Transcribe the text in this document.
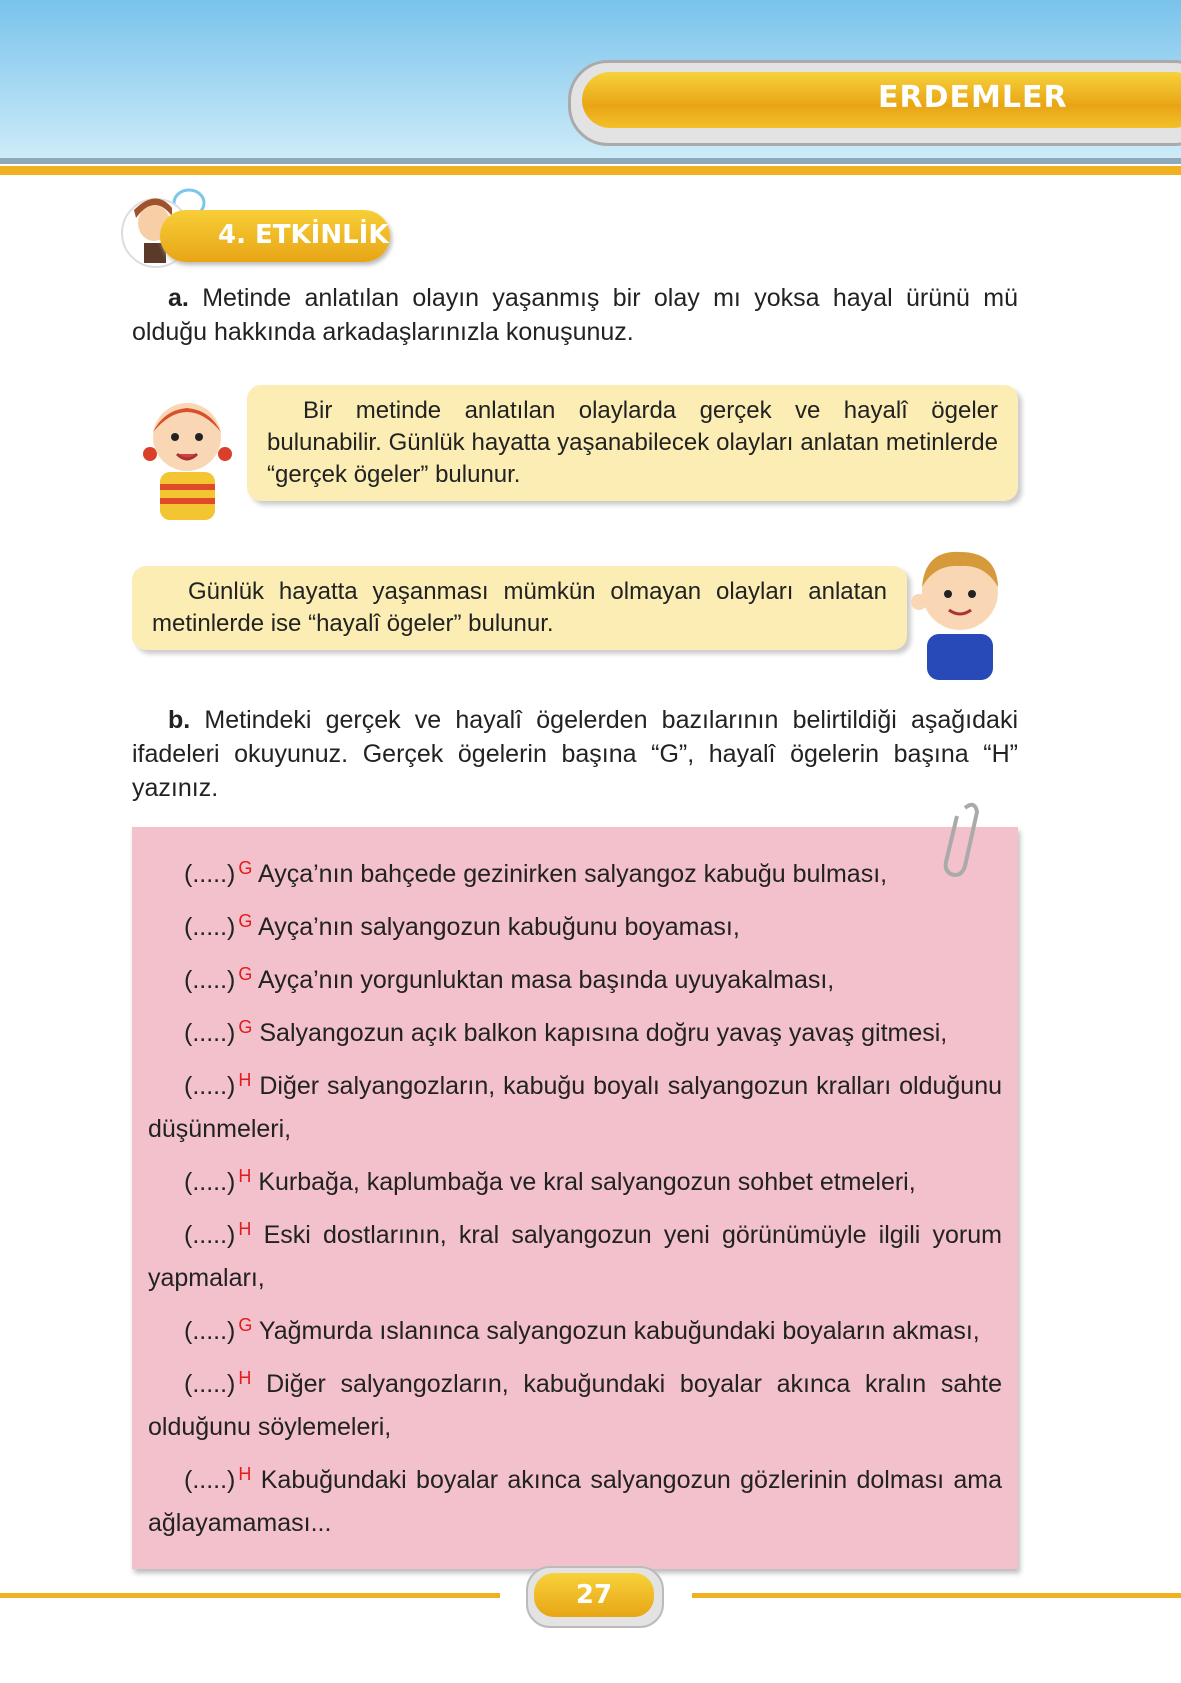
ERDEMLER
4. ETKİNLİK
a. Metinde anlatılan olayın yaşanmış bir olay mı yoksa hayal ürünü mü olduğu hakkında arkadaşlarınızla konuşunuz.
Bir metinde anlatılan olaylarda gerçek ve hayalî ögeler bulunabilir. Günlük hayatta yaşanabilecek olayları anlatan metinlerde “gerçek ögeler” bulunur.
Günlük hayatta yaşanması mümkün olmayan olayları anlatan metinlerde ise “hayalî ögeler” bulunur.
b. Metindeki gerçek ve hayalî ögelerden bazılarının belirtildiği aşağıdaki ifadeleri okuyunuz. Gerçek ögelerin başına “G”, hayalî ögelerin başına “H” yazınız.
(.....) $^G$ Ayça’nın bahçede gezinirken salyangoz kabuğu bulması,
(.....) $^G$ Ayça’nın salyangozun kabuğunu boyaması,
(.....) $^G$ Ayça’nın yorgunluktan masa başında uyuyakalması,
(.....) $^G$ Salyangozun açık balkon kapısına doğru yavaş yavaş gitmesi,
(.....) $^H$ Diğer salyangozların, kabuğu boyalı salyangozun kralları olduğunu düşünmeleri,
(.....) $^H$ Kurbağa, kaplumbağa ve kral salyangozun sohbet etmeleri,
(.....) $^H$ Eski dostlarının, kral salyangozun yeni görünümüyle ilgili yorum yapmaları,
(.....) $^G$ Yağmurda ıslanınca salyangozun kabuğundaki boyaların akması,
(.....) $^H$ Diğer salyangozların, kabuğundaki boyalar akınca kralın sahte olduğunu söylemeleri,
(.....) $^H$ Kabuğundaki boyalar akınca salyangozun gözlerinin dolması ama ağlayamaması...
27
